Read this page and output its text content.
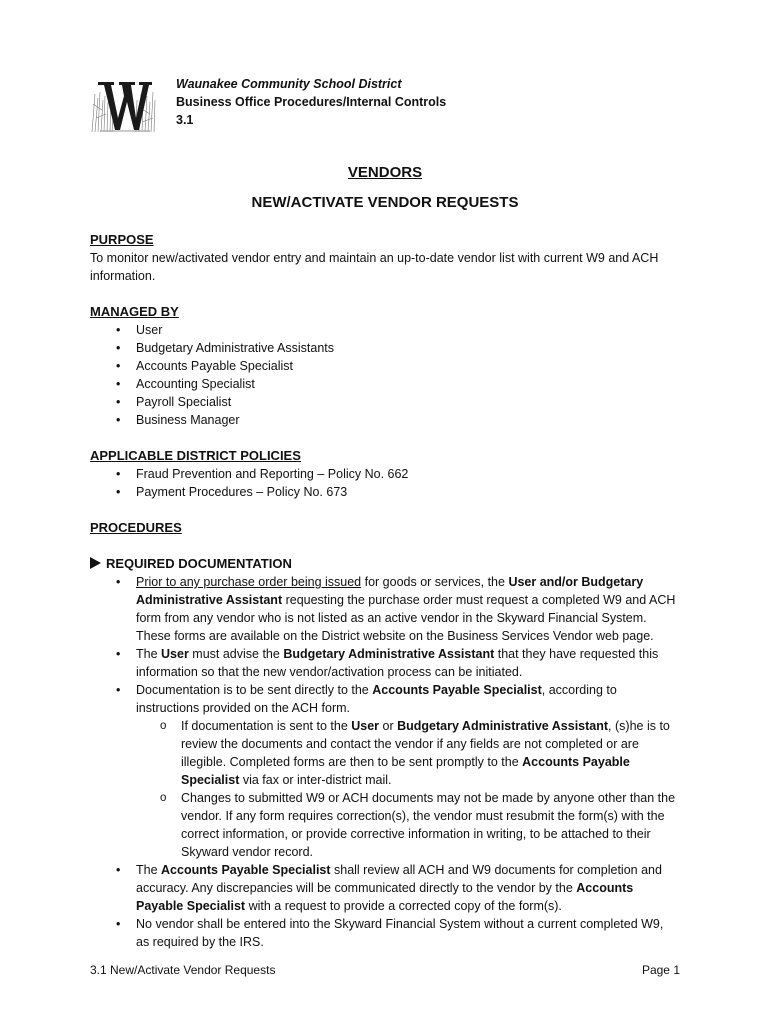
Waunakee Community School District
Business Office Procedures/Internal Controls
3.1
VENDORS
NEW/ACTIVATE VENDOR REQUESTS

PURPOSE

To monitor new/activated vendor entry and maintain an up-to-date vendor list with current W9 and ACH information.

MANAGED BY

• User
• Budgetary Administrative Assistants
• Accounts Payable Specialist
• Accounting Specialist
• Payroll Specialist
• Business Manager

APPLICABLE DISTRICT POLICIES

• Fraud Prevention and Reporting – Policy No. 662
• Payment Procedures – Policy No. 673

PROCEDURES

REQUIRED DOCUMENTATION

• Prior to any purchase order being issued for goods or services, the User and/or Budgetary Administrative Assistant requesting the purchase order must request a completed W9 and ACH form from any vendor who is not listed as an active vendor in the Skyward Financial System. These forms are available on the District website on the Business Services Vendor web page.
• The User must advise the Budgetary Administrative Assistant that they have requested this information so that the new vendor/activation process can be initiated.
• Documentation is to be sent directly to the Accounts Payable Specialist, according to instructions provided on the ACH form.
o If documentation is sent to the User or Budgetary Administrative Assistant, (s)he is to review the documents and contact the vendor if any fields are not completed or are illegible. Completed forms are then to be sent promptly to the Accounts Payable Specialist via fax or inter-district mail.
o Changes to submitted W9 or ACH documents may not be made by anyone other than the vendor. If any form requires correction(s), the vendor must resubmit the form(s) with the correct information, or provide corrective information in writing, to be attached to their Skyward vendor record.
• The Accounts Payable Specialist shall review all ACH and W9 documents for completion and accuracy. Any discrepancies will be communicated directly to the vendor by the Accounts Payable Specialist with a request to provide a corrected copy of the form(s).
• No vendor shall be entered into the Skyward Financial System without a current completed W9, as required by the IRS.
3.1 New/Activate Vendor Requests	Page 1
